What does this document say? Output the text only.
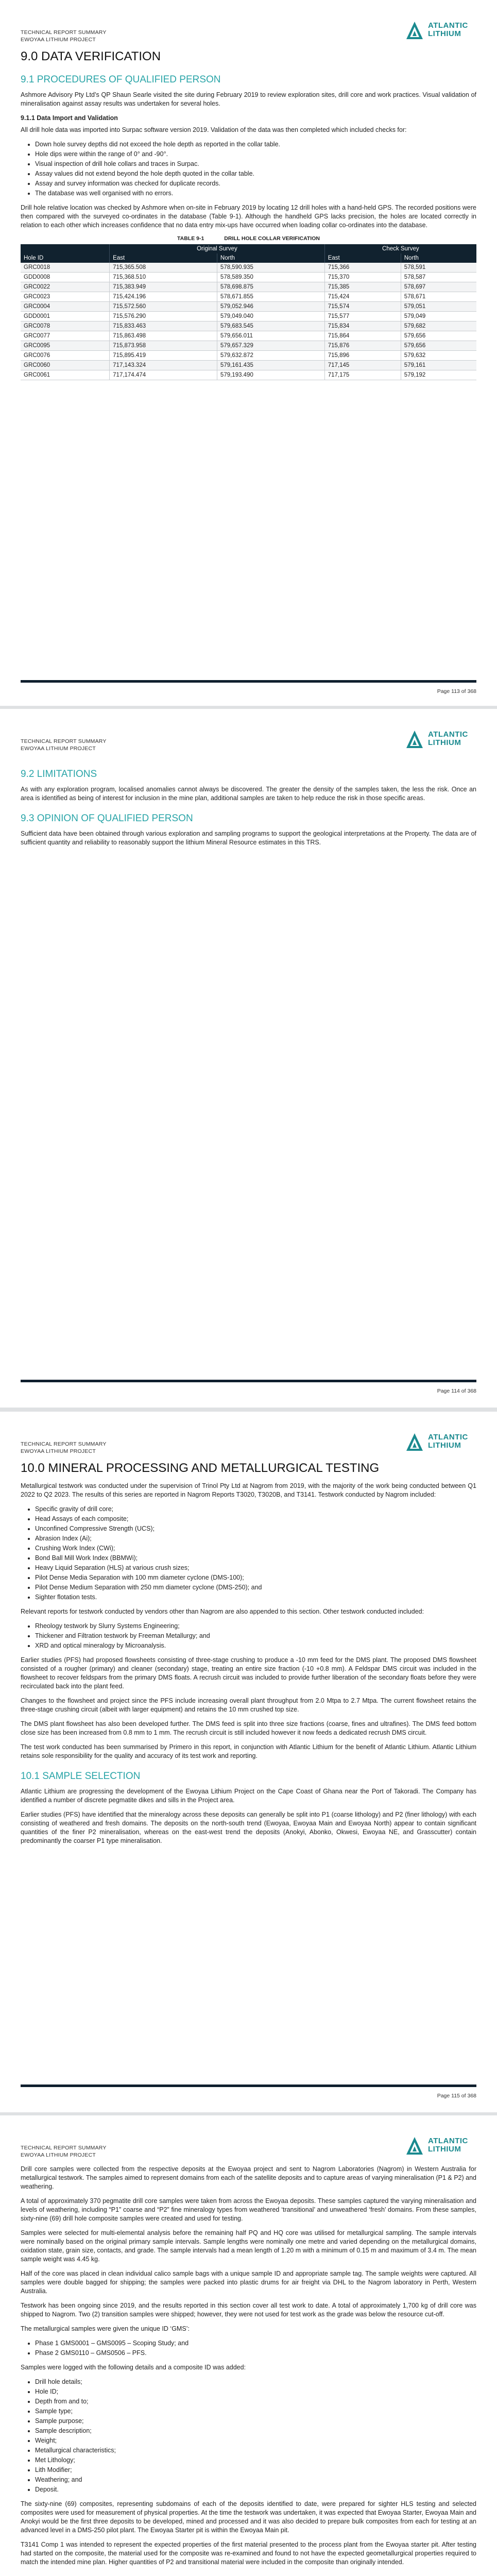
TECHNICAL REPORT SUMMARY
EWOYAA LITHIUM PROJECT
ATLANTIC
LITHIUM
9.0 DATA VERIFICATION
9.1 PROCEDURES OF QUALIFIED PERSON

Ashmore Advisory Pty Ltd’s QP Shaun Searle visited the site during February 2019 to review exploration sites, drill core and work practices. Visual validation of mineralisation against assay results was undertaken for several holes.

9.1.1 Data Import and Validation

All drill hole data was imported into Surpac software version 2019. Validation of the data was then completed which included checks for:

• Down hole survey depths did not exceed the hole depth as reported in the collar table.
• Hole dips were within the range of 0° and -90°.
• Visual inspection of drill hole collars and traces in Surpac.
• Assay values did not extend beyond the hole depth quoted in the collar table.
• Assay and survey information was checked for duplicate records.
• The database was well organised with no errors.

Drill hole relative location was checked by Ashmore when on-site in February 2019 by locating 12 drill holes with a hand-held GPS. The recorded positions were then compared with the surveyed co-ordinates in the database (Table 9-1). Although the handheld GPS lacks precision, the holes are located correctly in relation to each other which increases confidence that no data entry mix-ups have occurred when loading collar co-ordinates into the database.

TABLE 9-1	DRILL HOLE COLLAR VERIFICATION
	Original Survey		Check Survey	
Hole ID	East	North	East	North
GRC0018	715,365.508	578,590.935	715,366	578,591
GDD0008	715,368.510	578,589.350	715,370	578,587
GRC0022	715,383.949	578,698.875	715,385	578,697
GRC0023	715,424.196	578,671.855	715,424	578,671
GRC0004	715,572.560	579,052.946	715,574	579,051
GDD0001	715,576.290	579,049.040	715,577	579,049
GRC0078	715,833.463	579,683.545	715,834	579,682
GRC0077	715,863.498	579,656.011	715,864	579,656
GRC0095	715,873.958	579,657.329	715,876	579,656
GRC0076	715,895.419	579,632.872	715,896	579,632
GRC0060	717,143.324	579,161.435	717,145	579,161
GRC0061	717,174.474	579,193.490	717,175	579,192
Page 113 of 368
TECHNICAL REPORT SUMMARY
EWOYAA LITHIUM PROJECT
ATLANTIC
LITHIUM
9.2 LIMITATIONS

As with any exploration program, localised anomalies cannot always be discovered. The greater the density of the samples taken, the less the risk. Once an area is identified as being of interest for inclusion in the mine plan, additional samples are taken to help reduce the risk in those specific areas.

9.3 OPINION OF QUALIFIED PERSON

Sufficient data have been obtained through various exploration and sampling programs to support the geological interpretations at the Property. The data are of sufficient quantity and reliability to reasonably support the lithium Mineral Resource estimates in this TRS.

Page 114 of 368
TECHNICAL REPORT SUMMARY
EWOYAA LITHIUM PROJECT
ATLANTIC
LITHIUM
10.0 MINERAL PROCESSING AND METALLURGICAL TESTING

Metallurgical testwork was conducted under the supervision of Trinol Pty Ltd at Nagrom from 2019, with the majority of the work being conducted between Q1 2022 to Q2 2023. The results of this series are reported in Nagrom Reports T3020, T3020B, and T3141. Testwork conducted by Nagrom included:

• Specific gravity of drill core;
• Head Assays of each composite;
• Unconfined Compressive Strength (UCS);
• Abrasion Index (Ai);
• Crushing Work Index (CWi);
• Bond Ball Mill Work Index (BBMWi);
• Heavy Liquid Separation (HLS) at various crush sizes;
• Pilot Dense Media Separation with 100 mm diameter cyclone (DMS-100);
• Pilot Dense Medium Separation with 250 mm diameter cyclone (DMS-250); and
• Sighter flotation tests.

Relevant reports for testwork conducted by vendors other than Nagrom are also appended to this section. Other testwork conducted included:

• Rheology testwork by Slurry Systems Engineering;
• Thickener and Filtration testwork by Freeman Metallurgy; and
• XRD and optical mineralogy by Microanalysis.

Earlier studies (PFS) had proposed flowsheets consisting of three-stage crushing to produce a -10 mm feed for the DMS plant. The proposed DMS flowsheet consisted of a rougher (primary) and cleaner (secondary) stage, treating an entire size fraction (-10 +0.8 mm). A Feldspar DMS circuit was included in the flowsheet to recover feldspars from the primary DMS floats. A recrush circuit was included to provide further liberation of the secondary floats before they were recirculated back into the plant feed.

Changes to the flowsheet and project since the PFS include increasing overall plant throughput from 2.0 Mtpa to 2.7 Mtpa. The current flowsheet retains the three-stage crushing circuit (albeit with larger equipment) and retains the 10 mm crushed top size.

The DMS plant flowsheet has also been developed further. The DMS feed is split into three size fractions (coarse, fines and ultrafines). The DMS feed bottom close size has been increased from 0.8 mm to 1 mm. The recrush circuit is still included however it now feeds a dedicated recrush DMS circuit.

The test work conducted has been summarised by Primero in this report, in conjunction with Atlantic Lithium for the benefit of Atlantic Lithium. Atlantic Lithium retains sole responsibility for the quality and accuracy of its test work and reporting.

10.1 SAMPLE SELECTION

Atlantic Lithium are progressing the development of the Ewoyaa Lithium Project on the Cape Coast of Ghana near the Port of Takoradi. The Company has identified a number of discrete pegmatite dikes and sills in the Project area.

Earlier studies (PFS) have identified that the mineralogy across these deposits can generally be split into P1 (coarse lithology) and P2 (finer lithology) with each consisting of weathered and fresh domains. The deposits on the north-south trend (Ewoyaa, Ewoyaa Main and Ewoyaa North) appear to contain significant quantities of the finer P2 mineralisation, whereas on the east-west trend the deposits (Anokyi, Abonko, Okwesi, Ewoyaa NE, and Grasscutter) contain predominantly the coarser P1 type mineralisation.

Page 115 of 368
TECHNICAL REPORT SUMMARY
EWOYAA LITHIUM PROJECT
ATLANTIC
LITHIUM

Drill core samples were collected from the respective deposits at the Ewoyaa project and sent to Nagrom Laboratories (Nagrom) in Western Australia for metallurgical testwork. The samples aimed to represent domains from each of the satellite deposits and to capture areas of varying mineralisation (P1 & P2) and weathering.

A total of approximately 370 pegmatite drill core samples were taken from across the Ewoyaa deposits. These samples captured the varying mineralisation and levels of weathering, including “P1” coarse and “P2” fine mineralogy types from weathered ‘transitional’ and unweathered ‘fresh’ domains. From these samples, sixty-nine (69) drill hole composite samples were created and used for testing.

Samples were selected for multi-elemental analysis before the remaining half PQ and HQ core was utilised for metallurgical sampling. The sample intervals were nominally based on the original primary sample intervals. Sample lengths were nominally one metre and varied depending on the metallurgical domains, oxidation state, grain size, contacts, and grade. The sample intervals had a mean length of 1.20 m with a minimum of 0.15 m and maximum of 3.4 m. The mean sample weight was 4.45 kg.

Half of the core was placed in clean individual calico sample bags with a unique sample ID and appropriate sample tag. The sample weights were captured. All samples were double bagged for shipping; the samples were packed into plastic drums for air freight via DHL to the Nagrom laboratory in Perth, Western Australia.

Testwork has been ongoing since 2019, and the results reported in this section cover all test work to date. A total of approximately 1,700 kg of drill core was shipped to Nagrom. Two (2) transition samples were shipped; however, they were not used for test work as the grade was below the resource cut-off.

The metallurgical samples were given the unique ID ‘GMS’:

• Phase 1 GMS0001 – GMS0095 – Scoping Study; and
• Phase 2 GMS0110 – GMS0506 – PFS.

Samples were logged with the following details and a composite ID was added:

• Drill hole details;
• Hole ID;
• Depth from and to;
• Sample type;
• Sample purpose;
• Sample description;
• Weight;
• Metallurgical characteristics;
• Met Lithology;
• Lith Modifier;
• Weathering; and
• Deposit.

The sixty-nine (69) composites, representing subdomains of each of the deposits identified to date, were prepared for sighter HLS testing and selected composites were used for measurement of physical properties. At the time the testwork was undertaken, it was expected that Ewoyaa Starter, Ewoyaa Main and Anokyi would be the first three deposits to be developed, mined and processed and it was also decided to prepare bulk composites from each for testing at an advanced level in a DMS-250 pilot plant. The Ewoyaa Starter pit is within the Ewoyaa Main pit.

T3141 Comp 1 was intended to represent the expected properties of the first material presented to the process plant from the Ewoyaa starter pit. After testing had started on the composite, the material used for the composite was re-examined and found to not have the expected geometallurgical properties required to match the intended mine plan. Higher quantities of P2 and transitional material were included in the composite than originally intended.
